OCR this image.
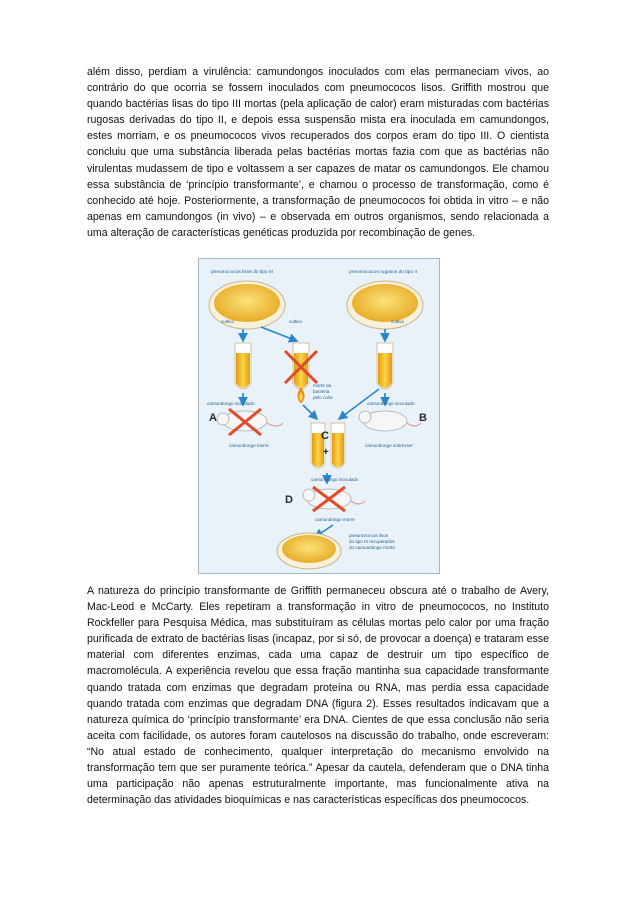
além disso, perdiam a virulência: camundongos inoculados com elas permaneciam vivos, ao contrário do que ocorria se fossem inoculados com pneumococos lisos. Griffith mostrou que quando bactérias lisas do tipo III mortas (pela aplicação de calor) eram misturadas com bactérias rugosas derivadas do tipo II, e depois essa suspensão mista era inoculada em camundongos, estes morriam, e os pneumococos vivos recuperados dos corpos eram do tipo III. O cientista concluiu que uma substância liberada pelas bactérias mortas fazia com que as bactérias não virulentas mudassem de tipo e voltassem a ser capazes de matar os camundongos. Ele chamou essa substância de ‘princípio transformante’, e chamou o processo de transformação, como é conhecido até hoje. Posteriormente, a transformação de pneumococos foi obtida in vitro – e não apenas em camundongos (in vivo) – e observada em outros organismos, sendo relacionada a uma alteração de características genéticas produzida por recombinação de genes.

pneumococos lisos do tipo III	pneumococos rugosos do tipo II
cultivo	cultivo	cultivo
morte da
bactéria
pelo calor
camundongo inoculado	camundongo inoculado
A
camundongo morre
B
camundongo sobrevive
C
+
camundongo inoculado
D
camundongo morre
pneumococos lisos
do tipo III recuperados
do camundongo morto

A natureza do princípio transformante de Griffith permaneceu obscura até o trabalho de Avery, Mac-Leod e McCarty. Eles repetiram a transformação in vitro de pneumococos, no Instituto Rockfeller para Pesquisa Médica, mas substituíram as células mortas pelo calor por uma fração purificada de extrato de bactérias lisas (incapaz, por si só, de provocar a doença) e trataram esse material com diferentes enzimas, cada uma capaz de destruir um tipo específico de macromolécula. A experiência revelou que essa fração mantinha sua capacidade transformante quando tratada com enzimas que degradam proteína ou RNA, mas perdia essa capacidade quando tratada com enzimas que degradam DNA (figura 2). Esses resultados indicavam que a natureza química do ‘princípio transformante’ era DNA. Cientes de que essa conclusão não seria aceita com facilidade, os autores foram cautelosos na discussão do trabalho, onde escreveram: “No atual estado de conhecimento, qualquer interpretação do mecanismo envolvido na transformação tem que ser puramente teórica.” Apesar da cautela, defenderam que o DNA tinha uma participação não apenas estruturalmente importante, mas funcionalmente ativa na determinação das atividades bioquímicas e nas características específicas dos pneumococos.
